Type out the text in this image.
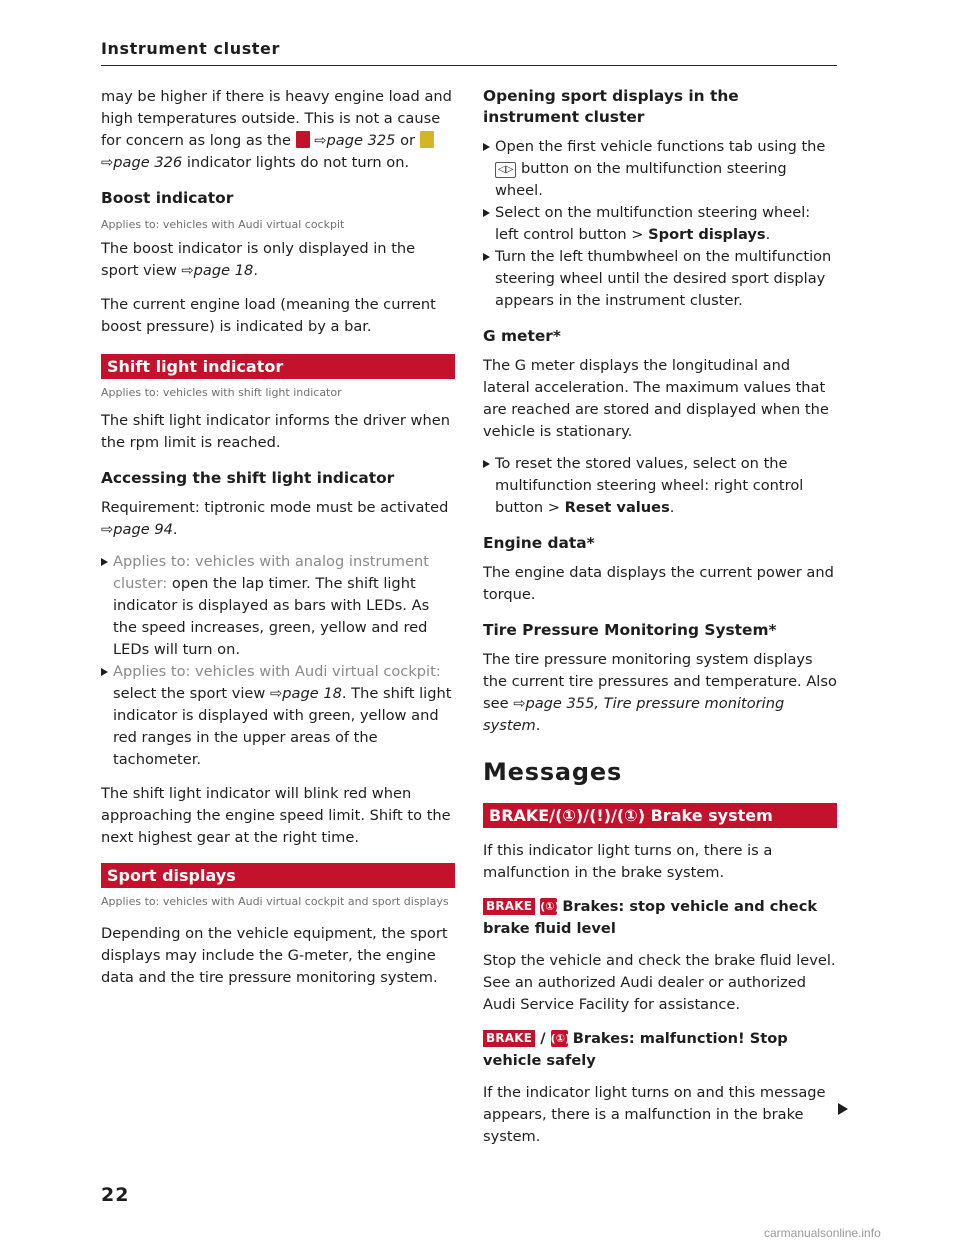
Instrument cluster

may be higher if there is heavy engine load and high temperatures outside. This is not a cause for concern as long as the  ⇨page 325 or  ⇨page 326 indicator lights do not turn on.

Boost indicator
Applies to: vehicles with Audi virtual cockpit

The boost indicator is only displayed in the sport view ⇨page 18.

The current engine load (meaning the current boost pressure) is indicated by a bar.

Shift light indicator
Applies to: vehicles with shift light indicator

The shift light indicator informs the driver when the rpm limit is reached.

Accessing the shift light indicator

Requirement: tiptronic mode must be activated ⇨page 94.

Applies to: vehicles with analog instrument cluster: open the lap timer. The shift light indicator is displayed as bars with LEDs. As the speed increases, green, yellow and red LEDs will turn on.
Applies to: vehicles with Audi virtual cockpit: select the sport view ⇨page 18. The shift light indicator is displayed with green, yellow and red ranges in the upper areas of the tachometer.

The shift light indicator will blink red when approaching the engine speed limit. Shift to the next highest gear at the right time.

Sport displays
Applies to: vehicles with Audi virtual cockpit and sport displays

Depending on the vehicle equipment, the sport displays may include the G-meter, the engine data and the tire pressure monitoring system.

Opening sport displays in the instrument cluster
Open the first vehicle functions tab using the ◁▷ button on the multifunction steering wheel.
Select on the multifunction steering wheel: left control button > Sport displays.
Turn the left thumbwheel on the multifunction steering wheel until the desired sport display appears in the instrument cluster.
G meter*

The G meter displays the longitudinal and lateral acceleration. The maximum values that are reached are stored and displayed when the vehicle is stationary.

To reset the stored values, select on the multifunction steering wheel: right control button > Reset values.
Engine data*

The engine data displays the current power and torque.

Tire Pressure Monitoring System*

The tire pressure monitoring system displays the current tire pressures and temperature. Also see ⇨page 355, Tire pressure monitoring system.

Messages
BRAKE/(①)/(!)/(①) Brake system

If this indicator light turns on, there is a malfunction in the brake system.

BRAKE (①) Brakes: stop vehicle and check brake fluid level

Stop the vehicle and check the brake fluid level. See an authorized Audi dealer or authorized Audi Service Facility for assistance.

BRAKE / (①) Brakes: malfunction! Stop vehicle safely

If the indicator light turns on and this message appears, there is a malfunction in the brake system.

22
carmanualsonline.info
